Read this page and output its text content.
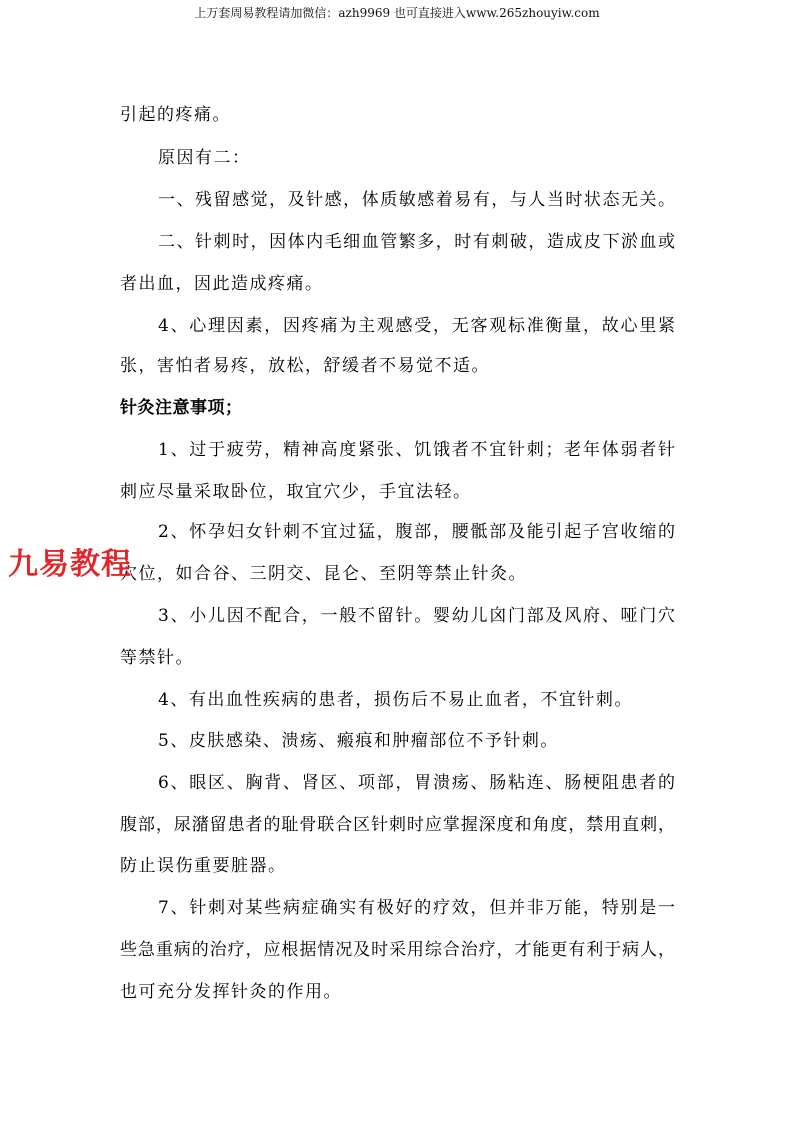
上万套周易教程请加微信：azh9969 也可直接进入www.265zhouyiw.com
引起的疼痛。
原因有二：
一、残留感觉，及针感，体质敏感着易有，与人当时状态无关。
二、针刺时，因体内毛细血管繁多，时有刺破，造成皮下淤血或
者出血，因此造成疼痛。
4、心理因素，因疼痛为主观感受，无客观标准衡量，故心里紧
张，害怕者易疼，放松，舒缓者不易觉不适。
针灸注意事项；
1、过于疲劳，精神高度紧张、饥饿者不宜针刺；老年体弱者针
刺应尽量采取卧位，取宜穴少，手宜法轻。
2、怀孕妇女针刺不宜过猛，腹部，腰骶部及能引起子宫收缩的
穴位，如合谷、三阴交、昆仑、至阴等禁止针灸。
3、小儿因不配合，一般不留针。婴幼儿囟门部及风府、哑门穴
等禁针。
4、有出血性疾病的患者，损伤后不易止血者，不宜针刺。
5、皮肤感染、溃疡、瘢痕和肿瘤部位不予针刺。
6、眼区、胸背、肾区、项部，胃溃疡、肠粘连、肠梗阻患者的
腹部，尿潴留患者的耻骨联合区针刺时应掌握深度和角度，禁用直刺，
防止误伤重要脏器。
7、针刺对某些病症确实有极好的疗效，但并非万能，特别是一
些急重病的治疗，应根据情况及时采用综合治疗，才能更有利于病人，
也可充分发挥针灸的作用。
九易教程
